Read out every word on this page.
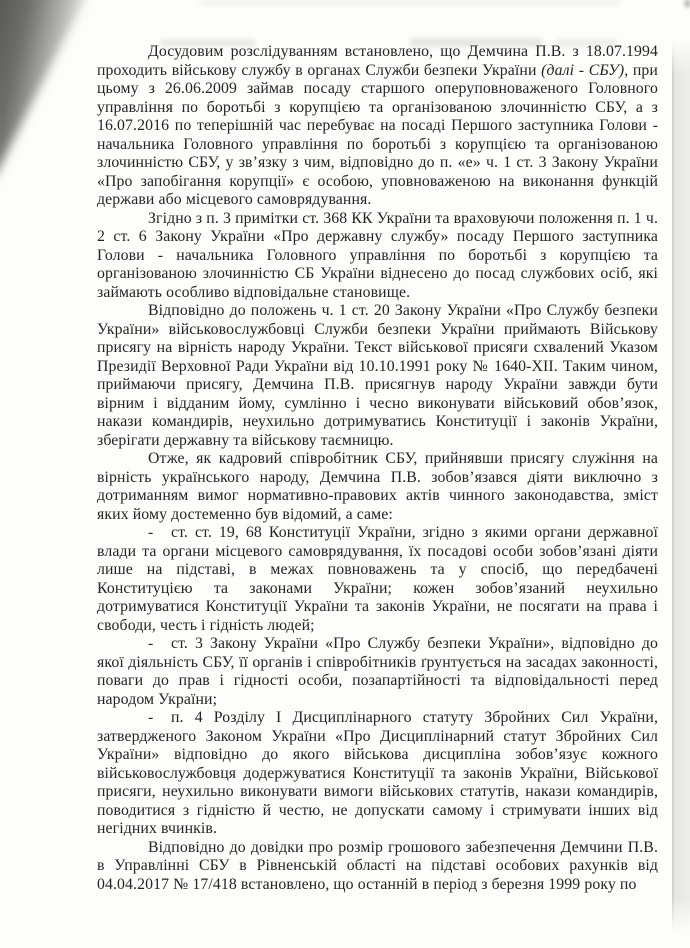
Досудовим розслідуванням встановлено, що Демчина П.В. з 18.07.1994 проходить військову службу в органах Служби безпеки України (далі - СБУ), при цьому з 26.06.2009 займав посаду старшого оперуповноваженого Головного управління по боротьбі з корупцією та організованою злочинністю СБУ, а з 16.07.2016 по теперішній час перебуває на посаді Першого заступника Голови - начальника Головного управління по боротьбі з корупцією та організованою злочинністю СБУ, у зв’язку з чим, відповідно до п. «е» ч. 1 ст. 3 Закону України «Про запобігання корупції» є особою, уповноваженою на виконання функцій держави або місцевого самоврядування.

Згідно з п. 3 примітки ст. 368 КК України та враховуючи положення п. 1 ч. 2 ст. 6 Закону України «Про державну службу» посаду Першого заступника Голови - начальника Головного управління по боротьбі з корупцією та організованою злочинністю СБ України віднесено до посад службових осіб, які займають особливо відповідальне становище.

Відповідно до положень ч. 1 ст. 20 Закону України «Про Службу безпеки України» військовослужбовці Служби безпеки України приймають Військову присягу на вірність народу України. Текст військової присяги схвалений Указом Президії Верховної Ради України від 10.10.1991 року № 1640-XII. Таким чином, приймаючи присягу, Демчина П.В. присягнув народу України завжди бути вірним і відданим йому, сумлінно і чесно виконувати військовий обов’язок, накази командирів, неухильно дотримуватись Конституції і законів України, зберігати державну та військову таємницю.

Отже, як кадровий співробітник СБУ, прийнявши присягу служіння на вірність українського народу, Демчина П.В. зобов’язався діяти виключно з дотриманням вимог нормативно-правових актів чинного законодавства, зміст яких йому достеменно був відомий, а саме:

- ст. ст. 19, 68 Конституції України, згідно з якими органи державної влади та органи місцевого самоврядування, їх посадові особи зобов’язані діяти лише на підставі, в межах повноважень та у спосіб, що передбачені Конституцією та законами України; кожен зобов’язаний неухильно дотримуватися Конституції України та законів України, не посягати на права і свободи, честь і гідність людей;

- ст. 3 Закону України «Про Службу безпеки України», відповідно до якої діяльність СБУ, її органів і співробітників ґрунтується на засадах законності, поваги до прав і гідності особи, позапартійності та відповідальності перед народом України;

- п. 4 Розділу І Дисциплінарного статуту Збройних Сил України, затвердженого Законом України «Про Дисциплінарний статут Збройних Сил України» відповідно до якого військова дисципліна зобов’язує кожного військовослужбовця додержуватися Конституції та законів України, Військової присяги, неухильно виконувати вимоги військових статутів, накази командирів, поводитися з гідністю й честю, не допускати самому і стримувати інших від негідних вчинків.

Відповідно до довідки про розмір грошового забезпечення Демчини П.В. в Управлінні СБУ в Рівненській області на підставі особових рахунків від 04.04.2017 № 17/418 встановлено, що останній в період з березня 1999 року по
